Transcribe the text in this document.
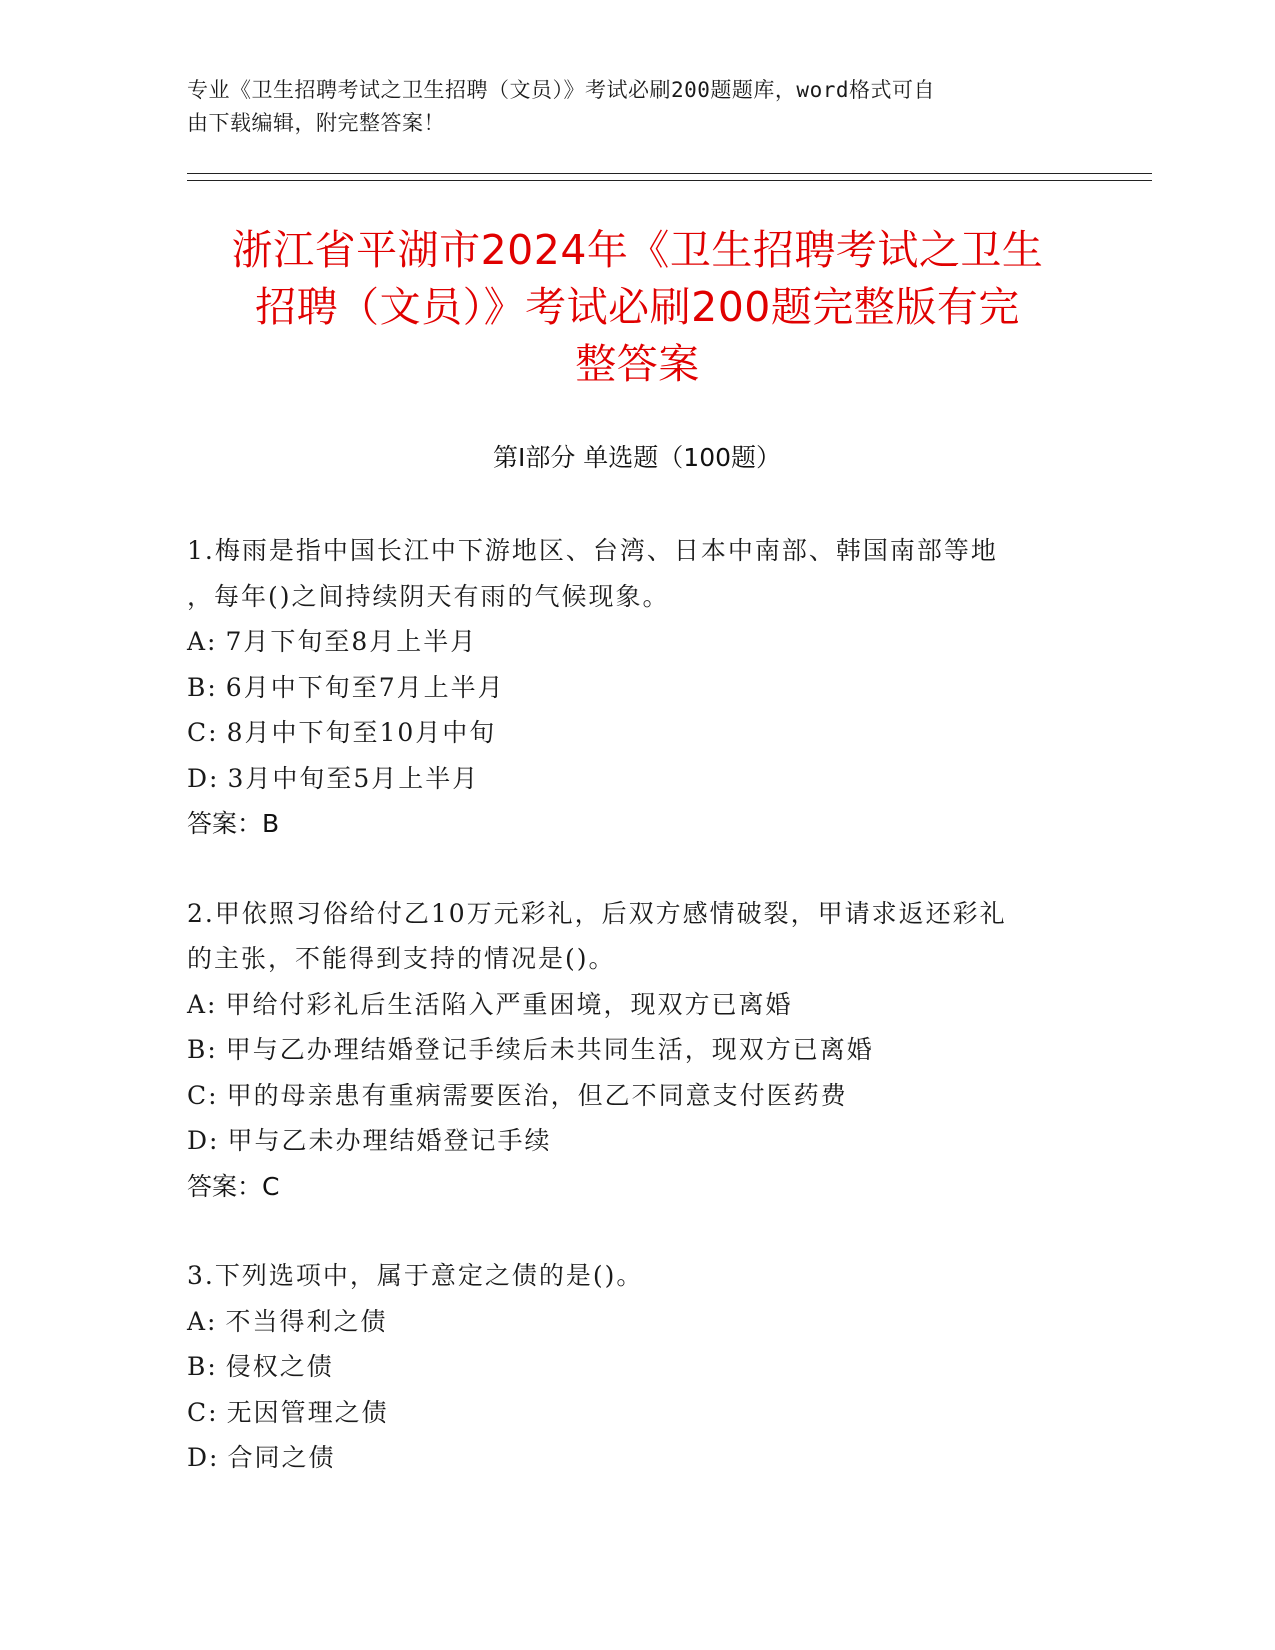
专业《卫生招聘考试之卫生招聘（文员）》考试必刷200题题库，word格式可自
由下载编辑，附完整答案！
浙江省平湖市2024年《卫生招聘考试之卫生
招聘（文员）》考试必刷200题完整版有完
整答案
第Ⅰ部分 单选题（100题）
1.梅雨是指中国长江中下游地区、台湾、日本中南部、韩国南部等地
，每年()之间持续阴天有雨的气候现象。
A: 7月下旬至8月上半月
B: 6月中下旬至7月上半月
C: 8月中下旬至10月中旬
D: 3月中旬至5月上半月
答案：B
2.甲依照习俗给付乙10万元彩礼，后双方感情破裂，甲请求返还彩礼
的主张，不能得到支持的情况是()。
A: 甲给付彩礼后生活陷入严重困境，现双方已离婚
B: 甲与乙办理结婚登记手续后未共同生活，现双方已离婚
C: 甲的母亲患有重病需要医治，但乙不同意支付医药费
D: 甲与乙未办理结婚登记手续
答案：C
3.下列选项中，属于意定之债的是()。
A: 不当得利之债
B: 侵权之债
C: 无因管理之债
D: 合同之债
